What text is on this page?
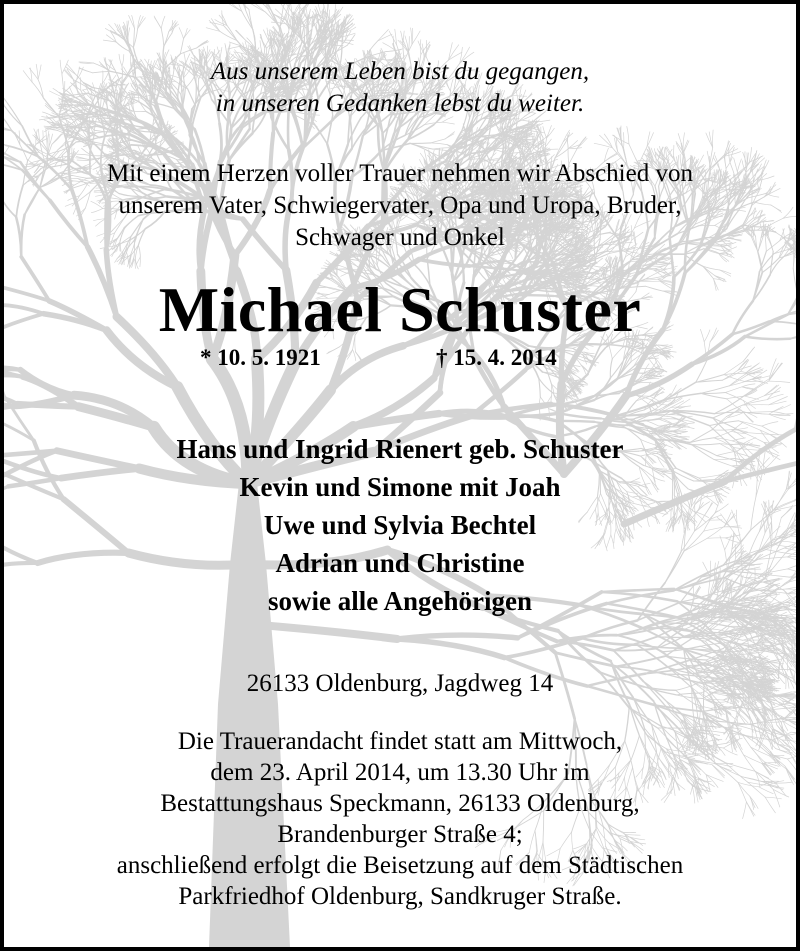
Aus unserem Leben bist du gegangen,
in unseren Gedanken lebst du weiter.
Mit einem Herzen voller Trauer nehmen wir Abschied von
unserem Vater, Schwiegervater, Opa und Uropa, Bruder,
Schwager und Onkel
Michael Schuster
* 10. 5. 1921	† 15. 4. 2014
Hans und Ingrid Rienert geb. Schuster
Kevin und Simone mit Joah
Uwe und Sylvia Bechtel
Adrian und Christine
sowie alle Angehörigen
26133 Oldenburg, Jagdweg 14
Die Trauerandacht findet statt am Mittwoch,
dem 23. April 2014, um 13.30 Uhr im
Bestattungshaus Speckmann, 26133 Oldenburg,
Brandenburger Straße 4;
anschließend erfolgt die Beisetzung auf dem Städtischen
Parkfriedhof Oldenburg, Sandkruger Straße.
